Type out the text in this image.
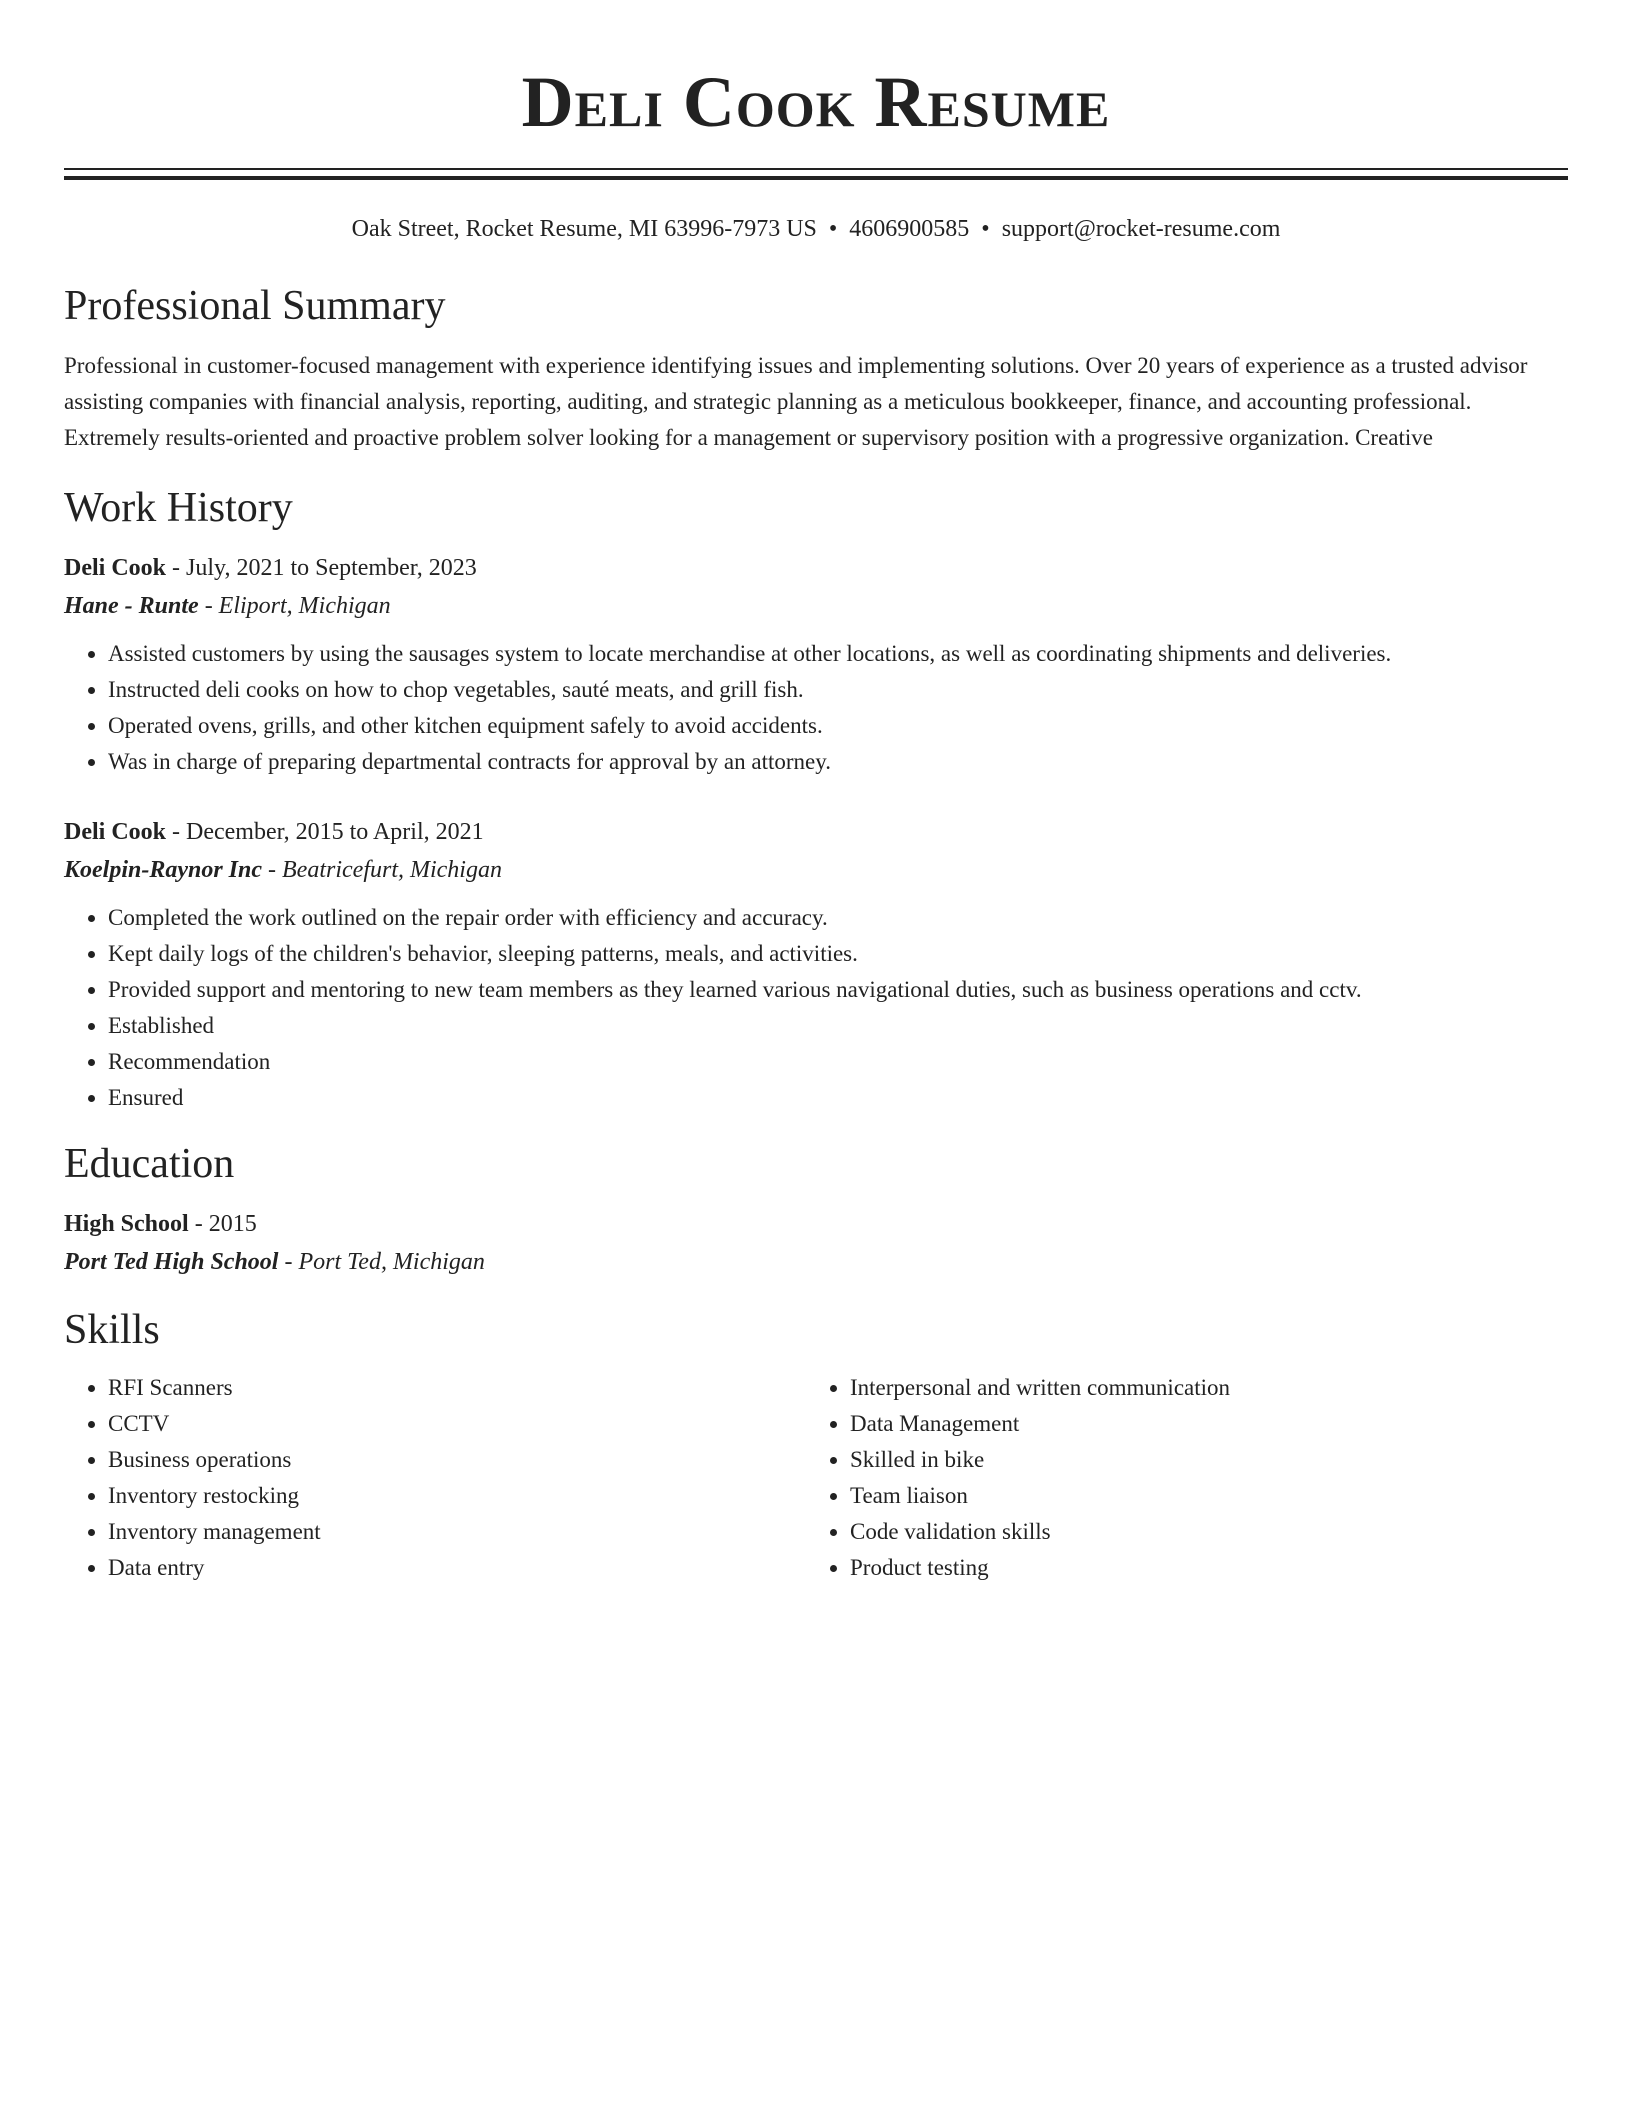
Deli Cook Resume
Oak Street, Rocket Resume, MI 63996-7973 US • 4606900585 • support@rocket-resume.com
Professional Summary
Professional in customer-focused management with experience identifying issues and implementing solutions. Over 20 years of experience as a trusted advisor assisting companies with financial analysis, reporting, auditing, and strategic planning as a meticulous bookkeeper, finance, and accounting professional. Extremely results-oriented and proactive problem solver looking for a management or supervisory position with a progressive organization. Creative
Work History
Deli Cook - July, 2021 to September, 2023
Hane - Runte - Eliport, Michigan
• Assisted customers by using the sausages system to locate merchandise at other locations, as well as coordinating shipments and deliveries.
• Instructed deli cooks on how to chop vegetables, sauté meats, and grill fish.
• Operated ovens, grills, and other kitchen equipment safely to avoid accidents.
• Was in charge of preparing departmental contracts for approval by an attorney.
Deli Cook - December, 2015 to April, 2021
Koelpin-Raynor Inc - Beatricefurt, Michigan
• Completed the work outlined on the repair order with efficiency and accuracy.
• Kept daily logs of the children's behavior, sleeping patterns, meals, and activities.
• Provided support and mentoring to new team members as they learned various navigational duties, such as business operations and cctv.
• Established
• Recommendation
• Ensured
Education
High School - 2015
Port Ted High School - Port Ted, Michigan
Skills
• RFI Scanners
• CCTV
• Business operations
• Inventory restocking
• Inventory management
• Data entry
• Interpersonal and written communication
• Data Management
• Skilled in bike
• Team liaison
• Code validation skills
• Product testing
